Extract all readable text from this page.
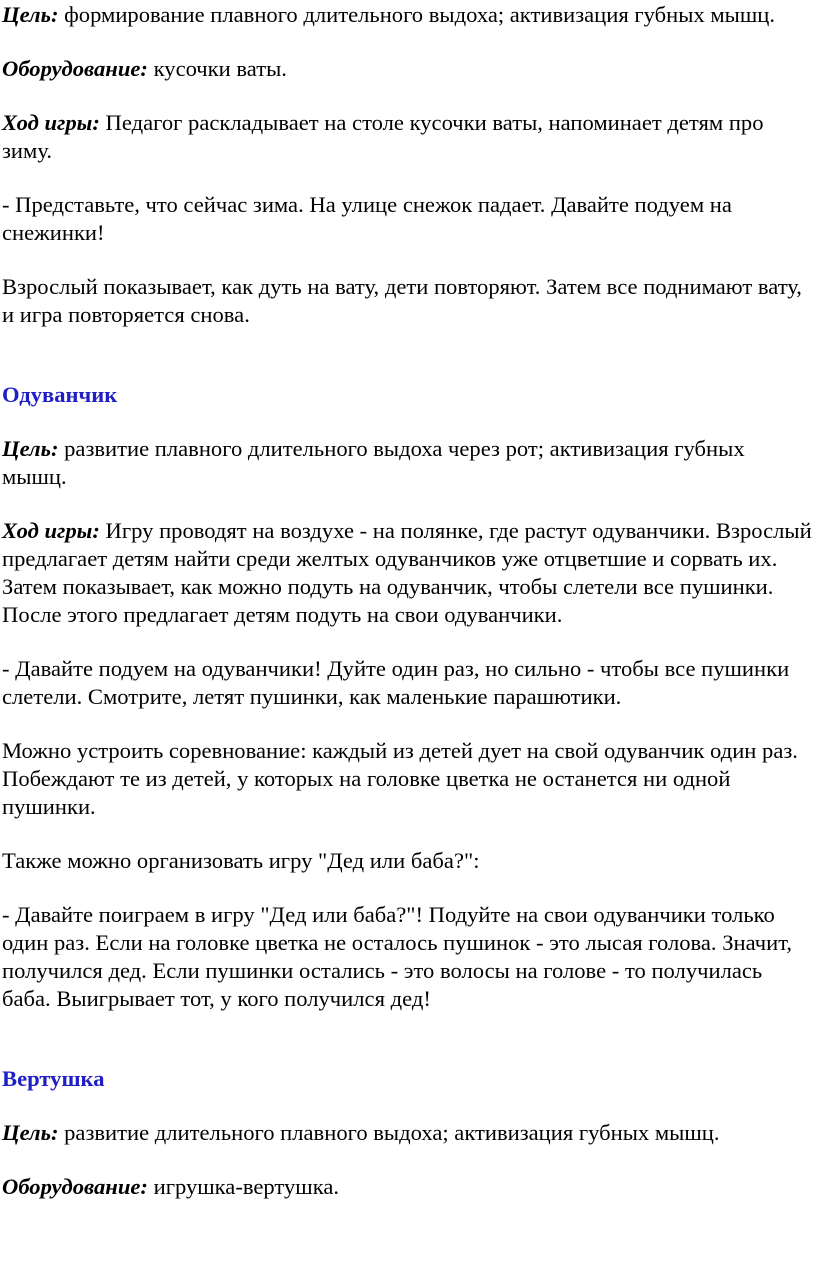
Цель: формирование плавного длительного выдоха; активизация губных мышц.

Оборудование: кусочки ваты.

Ход игры: Педагог раскладывает на столе кусочки ваты, напоминает детям про зиму.

- Представьте, что сейчас зима. На улице снежок падает. Давайте подуем на снежинки!

Взрослый показывает, как дуть на вату, дети повторяют. Затем все поднимают вату, и игра повторяется снова.

Одуванчик

Цель: развитие плавного длительного выдоха через рот; активизация губных мышц.

Ход игры: Игру проводят на воздухе - на полянке, где растут одуванчики. Взрослый предлагает детям найти среди желтых одуванчиков уже отцветшие и сорвать их. Затем показывает, как можно подуть на одуванчик, чтобы слетели все пушинки. После этого предлагает детям подуть на свои одуванчики.

- Давайте подуем на одуванчики! Дуйте один раз, но сильно - чтобы все пушинки слетели. Смотрите, летят пушинки, как маленькие парашютики.

Можно устроить соревнование: каждый из детей дует на свой одуванчик один раз. Побеждают те из детей, у которых на головке цветка не останется ни одной пушинки.

Также можно организовать игру "Дед или баба?":

- Давайте поиграем в игру "Дед или баба?"! Подуйте на свои одуванчики только один раз. Если на головке цветка не осталось пушинок - это лысая голова. Значит, получился дед. Если пушинки остались - это волосы на голове - то получилась баба. Выигрывает тот, у кого получился дед!

Вертушка

Цель: развитие длительного плавного выдоха; активизация губных мышц.

Оборудование: игрушка-вертушка.
